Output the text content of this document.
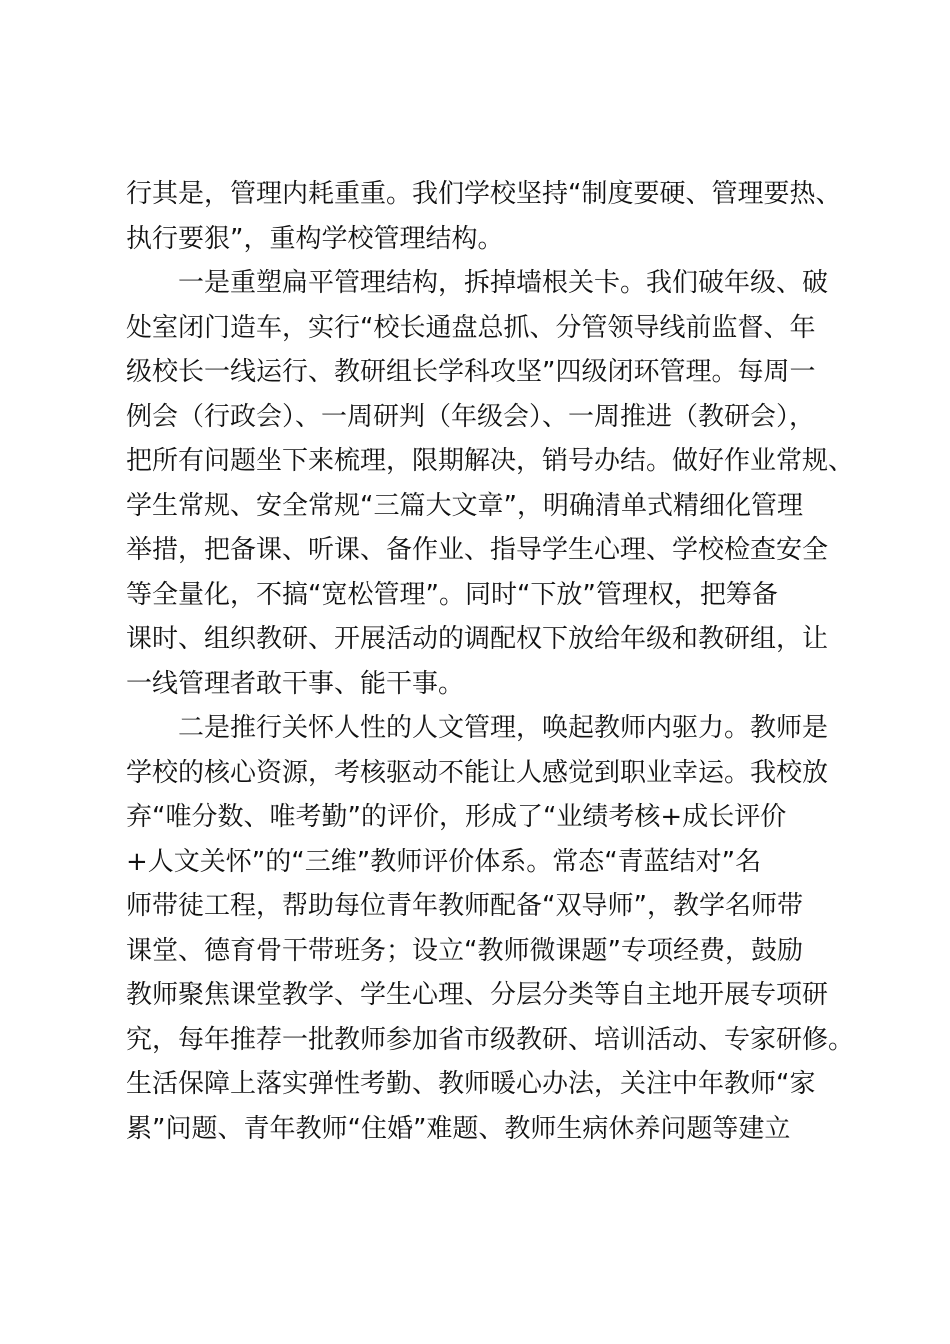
行其是，管理内耗重重。我们学校坚持“制度要硬、管理要热、
执行要狠”，重构学校管理结构。
一是重塑扁平管理结构，拆掉墙根关卡。我们破年级、破
处室闭门造车，实行“校长通盘总抓、分管领导线前监督、年
级校长一线运行、教研组长学科攻坚”四级闭环管理。每周一
例会（行政会）、一周研判（年级会）、一周推进（教研会），
把所有问题坐下来梳理，限期解决，销号办结。做好作业常规、
学生常规、安全常规“三篇大文章”，明确清单式精细化管理
举措，把备课、听课、备作业、指导学生心理、学校检查安全
等全量化，不搞“宽松管理”。同时“下放”管理权，把筹备
课时、组织教研、开展活动的调配权下放给年级和教研组，让
一线管理者敢干事、能干事。
二是推行关怀人性的人文管理，唤起教师内驱力。教师是
学校的核心资源，考核驱动不能让人感觉到职业幸运。我校放
弃“唯分数、唯考勤”的评价，形成了“业绩考核+成长评价
+人文关怀”的“三维”教师评价体系。常态“青蓝结对”名
师带徒工程，帮助每位青年教师配备“双导师”，教学名师带
课堂、德育骨干带班务；设立“教师微课题”专项经费，鼓励
教师聚焦课堂教学、学生心理、分层分类等自主地开展专项研
究，每年推荐一批教师参加省市级教研、培训活动、专家研修。
生活保障上落实弹性考勤、教师暖心办法，关注中年教师“家
累”问题、青年教师“住婚”难题、教师生病休养问题等建立
